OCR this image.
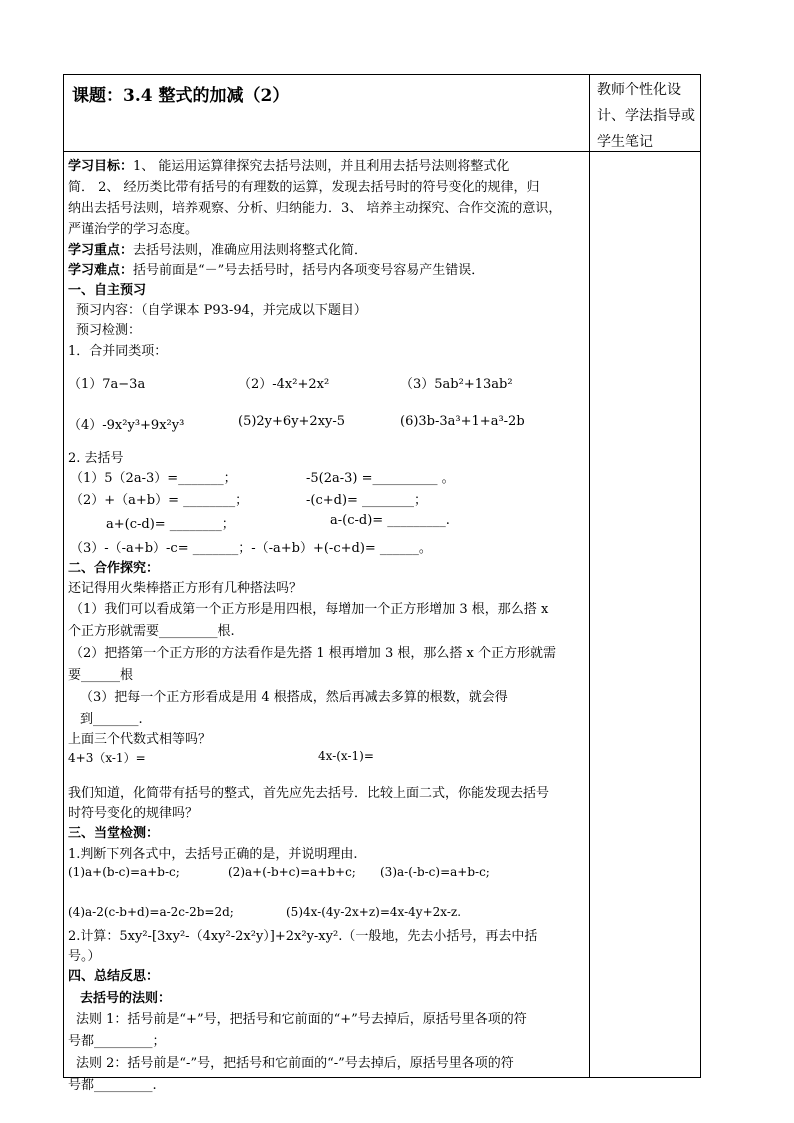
课题：3.4 整式的加减（2）	教师个性化设计、学法指导或学生笔记
学习目标：1、 能运用运算律探究去括号法则，并且利用去括号法则将整式化
简． 2、 经历类比带有括号的有理数的运算，发现去括号时的符号变化的规律，归
纳出去括号法则，培养观察、分析、归纳能力．3、 培养主动探究、合作交流的意识，
严谨治学的学习态度。
学习重点：去括号法则，准确应用法则将整式化简．
学习难点：括号前面是“－”号去括号时，括号内各项变号容易产生错误．
一、自主预习
预习内容：（自学课本 P93-94，并完成以下题目）
预习检测：
1．合并同类项：
（1）7a−3a	（2）-4x²+2x²	（3）5ab²+13ab²
（4）-9x²y³+9x²y³	(5)2y+6y+2xy-5	(6)3b-3a³+1+a³-2b
2. 去括号
（1）5（2a-3）=_______；	-5(2a-3) =__________ 。
（2）+（a+b）= ________；	-(c+d)= ________；
a+(c-d)= ________；	a-(c-d)= _________.
（3）-（-a+b）-c= _______；-（-a+b）+(-c+d)= ______。
二、合作探究：
还记得用火柴棒搭正方形有几种搭法吗？
（1）我们可以看成第一个正方形是用四根，每增加一个正方形增加 3 根，那么搭 x
个正方形就需要_________根.
（2）把搭第一个正方形的方法看作是先搭 1 根再增加 3 根，那么搭 x 个正方形就需
要______根
（3）把每一个正方形看成是用 4 根搭成，然后再减去多算的根数，就会得
到_______.
上面三个代数式相等吗？
4+3（x-1）=	4x-(x-1)=
我们知道，化简带有括号的整式，首先应先去括号．比较上面二式，你能发现去括号
时符号变化的规律吗？
三、当堂检测：
1.判断下列各式中，去括号正确的是，并说明理由.
(1)a+(b-c)=a+b-c;	(2)a+(-b+c)=a+b+c; (3)a-(-b-c)=a+b-c;
(4)a-2(c-b+d)=a-2c-2b=2d;	(5)4x-(4y-2x+z)=4x-4y+2x-z.
2.计算：5xy²-[3xy²-（4xy²-2x²y）]+2x²y-xy².（一般地，先去小括号，再去中括
号。）
四、总结反思：
去括号的法则：
法则 1：括号前是“+”号，把括号和它前面的“+”号去掉后，原括号里各项的符
号都_________；
法则 2：括号前是“-”号，把括号和它前面的“-”号去掉后，原括号里各项的符
号都_________.
